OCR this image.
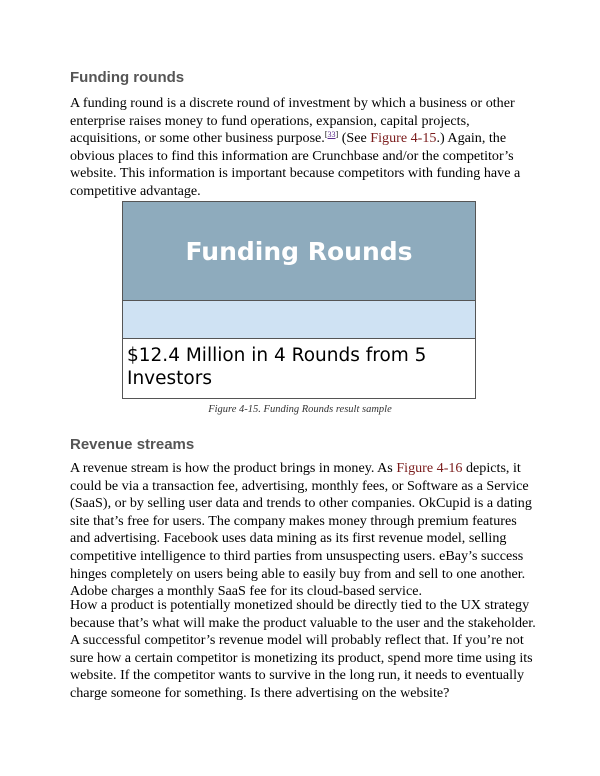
Funding rounds

A funding round is a discrete round of investment by which a business or other enterprise raises money to fund operations, expansion, capital projects, acquisitions, or some other business purpose.[33] (See Figure 4-15.) Again, the obvious places to find this information are Crunchbase and/or the competitor’s website. This information is important because competitors with funding have a competitive advantage.

Funding Rounds
$12.4 Million in 4 Rounds from 5 Investors
Figure 4-15. Funding Rounds result sample
Revenue streams

A revenue stream is how the product brings in money. As Figure 4-16 depicts, it could be via a transaction fee, advertising, monthly fees, or Software as a Service (SaaS), or by selling user data and trends to other companies. OkCupid is a dating site that’s free for users. The company makes money through premium features and advertising. Facebook uses data mining as its first revenue model, selling competitive intelligence to third parties from unsuspecting users. eBay’s success hinges completely on users being able to easily buy from and sell to one another. Adobe charges a monthly SaaS fee for its cloud-based service.

How a product is potentially monetized should be directly tied to the UX strategy because that’s what will make the product valuable to the user and the stakeholder. A successful competitor’s revenue model will probably reflect that. If you’re not sure how a certain competitor is monetizing its product, spend more time using its website. If the competitor wants to survive in the long run, it needs to eventually charge someone for something. Is there advertising on the website?
